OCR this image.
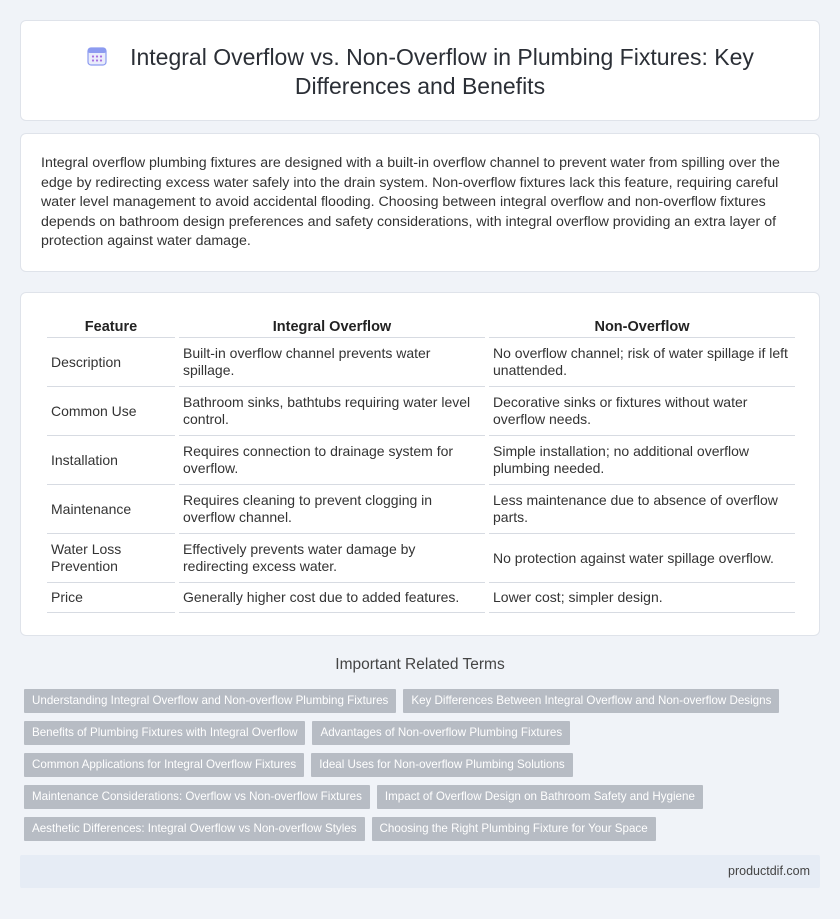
Integral Overflow vs. Non-Overflow in Plumbing Fixtures: Key Differences and Benefits

Integral overflow plumbing fixtures are designed with a built-in overflow channel to prevent water from spilling over the edge by redirecting excess water safely into the drain system. Non-overflow fixtures lack this feature, requiring careful water level management to avoid accidental flooding. Choosing between integral overflow and non-overflow fixtures depends on bathroom design preferences and safety considerations, with integral overflow providing an extra layer of protection against water damage.

Feature	Integral Overflow	Non-Overflow
Description	Built-in overflow channel prevents water spillage.	No overflow channel; risk of water spillage if left unattended.
Common Use	Bathroom sinks, bathtubs requiring water level control.	Decorative sinks or fixtures without water overflow needs.
Installation	Requires connection to drainage system for overflow.	Simple installation; no additional overflow plumbing needed.
Maintenance	Requires cleaning to prevent clogging in overflow channel.	Less maintenance due to absence of overflow parts.
Water Loss Prevention	Effectively prevents water damage by redirecting excess water.	No protection against water spillage overflow.
Price	Generally higher cost due to added features.	Lower cost; simpler design.
Important Related Terms
Understanding Integral Overflow and Non-overflow Plumbing Fixtures Key Differences Between Integral Overflow and Non-overflow Designs
Benefits of Plumbing Fixtures with Integral Overflow Advantages of Non-overflow Plumbing Fixtures
Common Applications for Integral Overflow Fixtures Ideal Uses for Non-overflow Plumbing Solutions
Maintenance Considerations: Overflow vs Non-overflow Fixtures Impact of Overflow Design on Bathroom Safety and Hygiene
Aesthetic Differences: Integral Overflow vs Non-overflow Styles Choosing the Right Plumbing Fixture for Your Space
productdif.com
